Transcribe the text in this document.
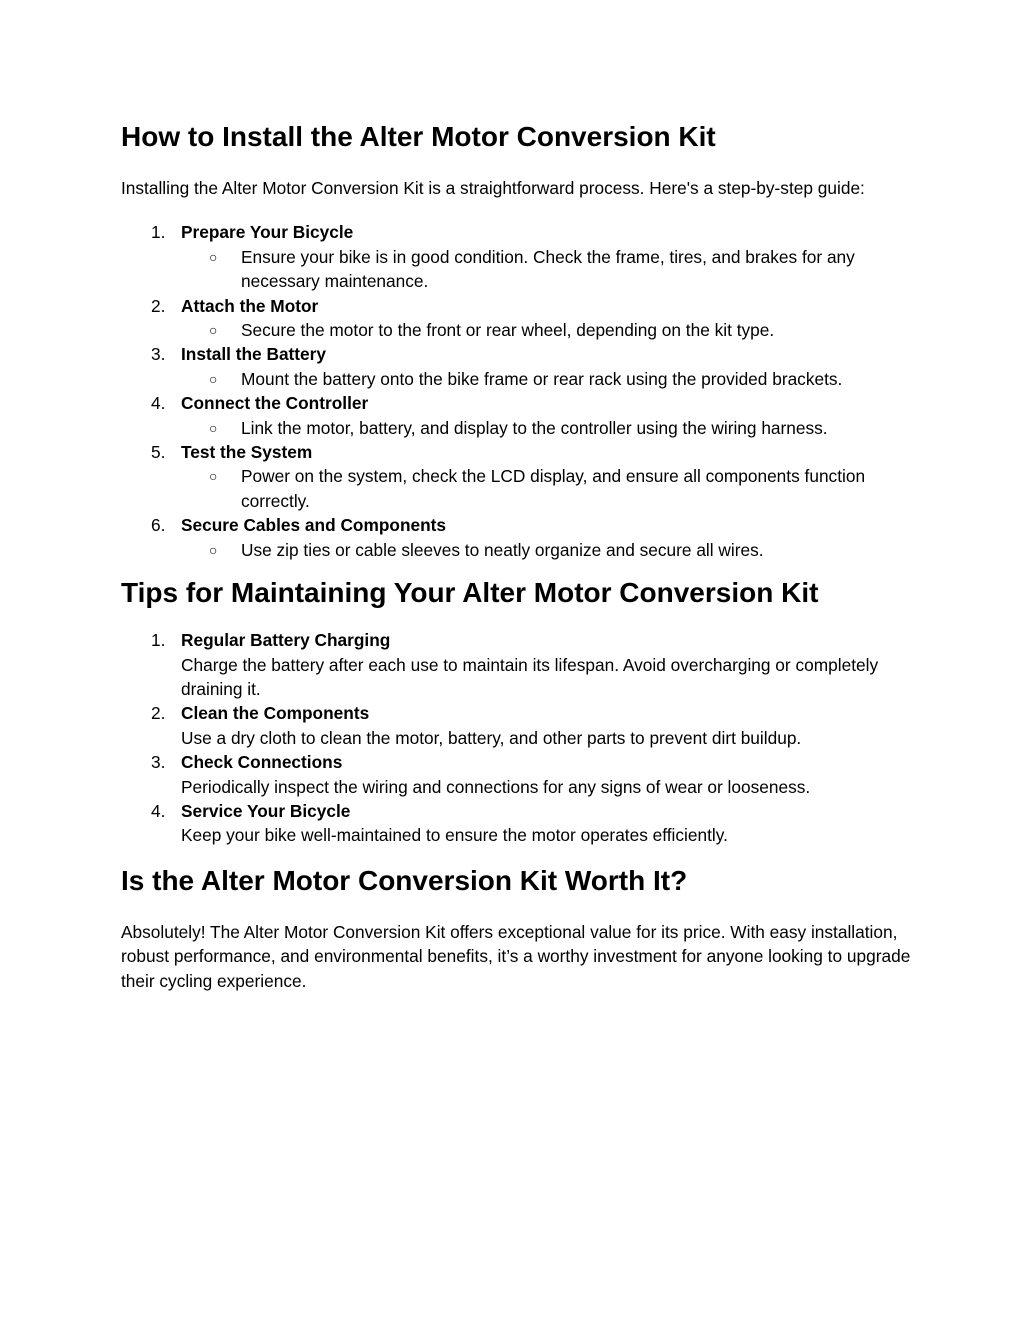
How to Install the Alter Motor Conversion Kit

Installing the Alter Motor Conversion Kit is a straightforward process. Here's a step-by-step guide:

1. Prepare Your Bicycle
○ Ensure your bike is in good condition. Check the frame, tires, and brakes for any necessary maintenance.
2. Attach the Motor
○ Secure the motor to the front or rear wheel, depending on the kit type.
3. Install the Battery
○ Mount the battery onto the bike frame or rear rack using the provided brackets.
4. Connect the Controller
○ Link the motor, battery, and display to the controller using the wiring harness.
5. Test the System
○ Power on the system, check the LCD display, and ensure all components function correctly.
6. Secure Cables and Components
○ Use zip ties or cable sleeves to neatly organize and secure all wires.
Tips for Maintaining Your Alter Motor Conversion Kit
1. Regular Battery Charging
Charge the battery after each use to maintain its lifespan. Avoid overcharging or completely draining it.
2. Clean the Components
Use a dry cloth to clean the motor, battery, and other parts to prevent dirt buildup.
3. Check Connections
Periodically inspect the wiring and connections for any signs of wear or looseness.
4. Service Your Bicycle
Keep your bike well-maintained to ensure the motor operates efficiently.
Is the Alter Motor Conversion Kit Worth It?

Absolutely! The Alter Motor Conversion Kit offers exceptional value for its price. With easy installation, robust performance, and environmental benefits, it’s a worthy investment for anyone looking to upgrade their cycling experience.
